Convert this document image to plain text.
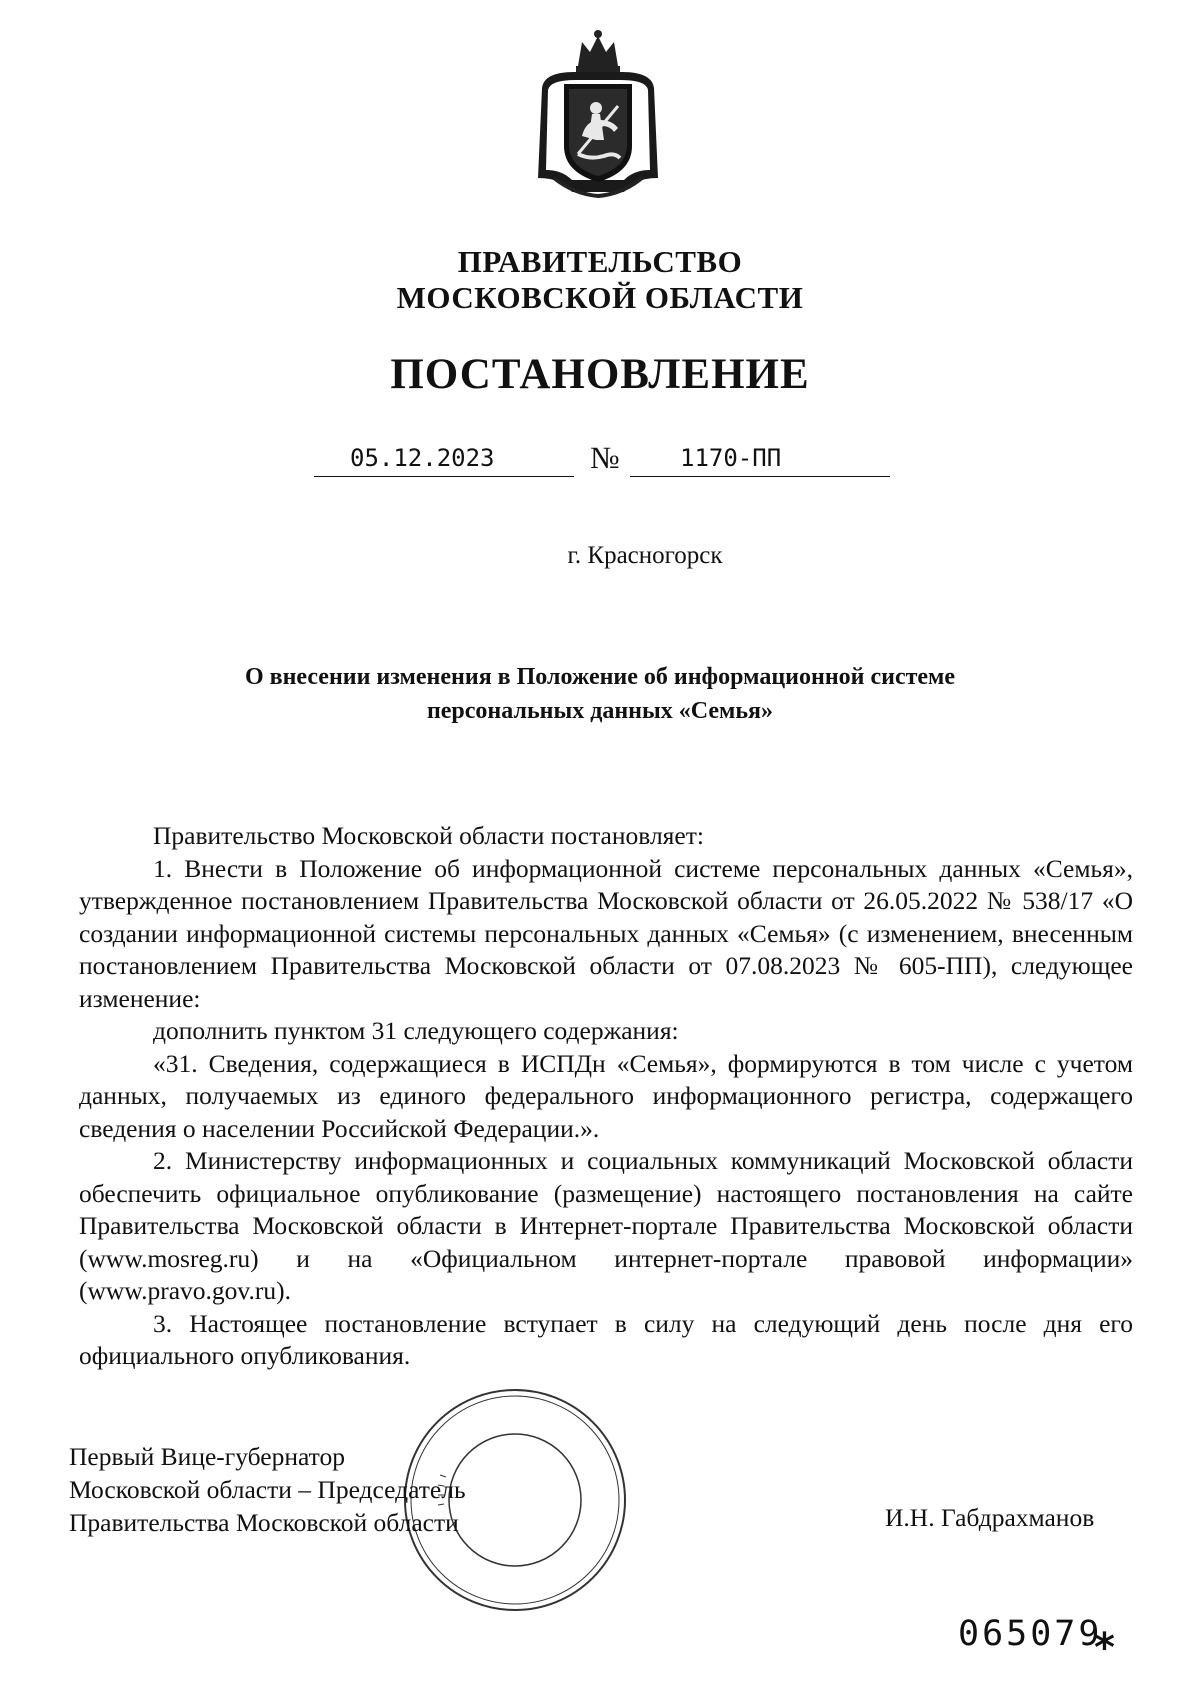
ПРАВИТЕЛЬСТВО
МОСКОВСКОЙ ОБЛАСТИ
ПОСТАНОВЛЕНИЕ
05.12.2023	№	1170-ПП
г. Красногорск
О внесении изменения в Положение об информационной системе
персональных данных «Семья»

Правительство Московской области постановляет:

1. Внести в Положение об информационной системе персональных данных «Семья», утвержденное постановлением Правительства Московской области от 26.05.2022 № 538/17 «О создании информационной системы персональных данных «Семья» (с изменением, внесенным постановлением Правительства Московской области от 07.08.2023 № 605-ПП), следующее изменение:

дополнить пунктом 31 следующего содержания:

«31. Сведения, содержащиеся в ИСПДн «Семья», формируются в том числе с учетом данных, получаемых из единого федерального информационного регистра, содержащего сведения о населении Российской Федерации.».

2. Министерству информационных и социальных коммуникаций Московской области обеспечить официальное опубликование (размещение) настоящего постановления на сайте Правительства Московской области в Интернет-портале Правительства Московской области (www.mosreg.ru) и на «Официальном интернет-портале правовой информации» (www.pravo.gov.ru).

3. Настоящее постановление вступает в силу на следующий день после дня его официального опубликования.

Первый Вице-губернатор
Московской области – Председатель
Правительства Московской области	И.Н. Габдрахманов
065079
*
